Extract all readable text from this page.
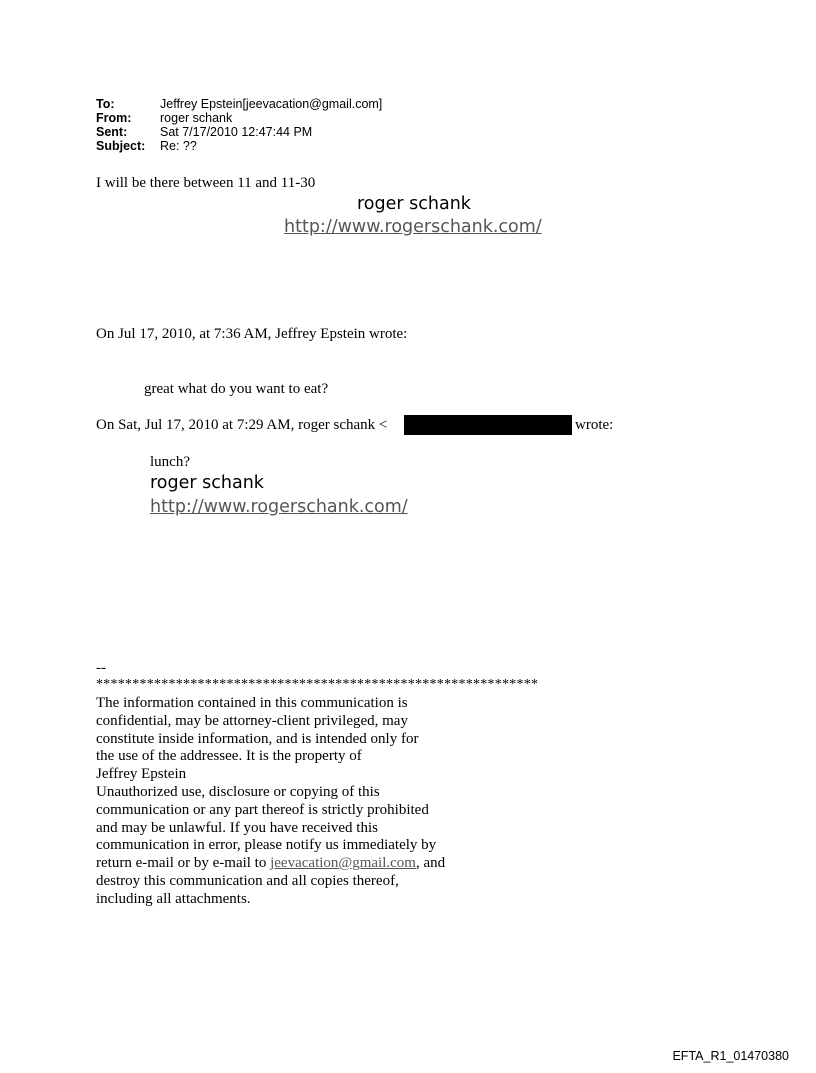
To:	Jeffrey Epstein[jeevacation@gmail.com]
From: roger schank
Sent:	Sat 7/17/2010 12:47:44 PM
Subject: Re: ??
I will be there between 11 and 11-30
roger schank
http://www.rogerschank.com/
On Jul 17, 2010, at 7:36 AM, Jeffrey Epstein wrote:
great what do you want to eat?
On Sat, Jul 17, 2010 at 7:29 AM, roger schank <	wrote:
lunch?
roger schank
http://www.rogerschank.com/
--
*************************************************************
The information contained in this communication is
confidential, may be attorney-client privileged, may
constitute inside information, and is intended only for
the use of the addressee. It is the property of
Jeffrey Epstein
Unauthorized use, disclosure or copying of this
communication or any part thereof is strictly prohibited
and may be unlawful. If you have received this
communication in error, please notify us immediately by
return e-mail or by e-mail to jeevacation@gmail.com, and
destroy this communication and all copies thereof,
including all attachments.
EFTA_R1_01470380
